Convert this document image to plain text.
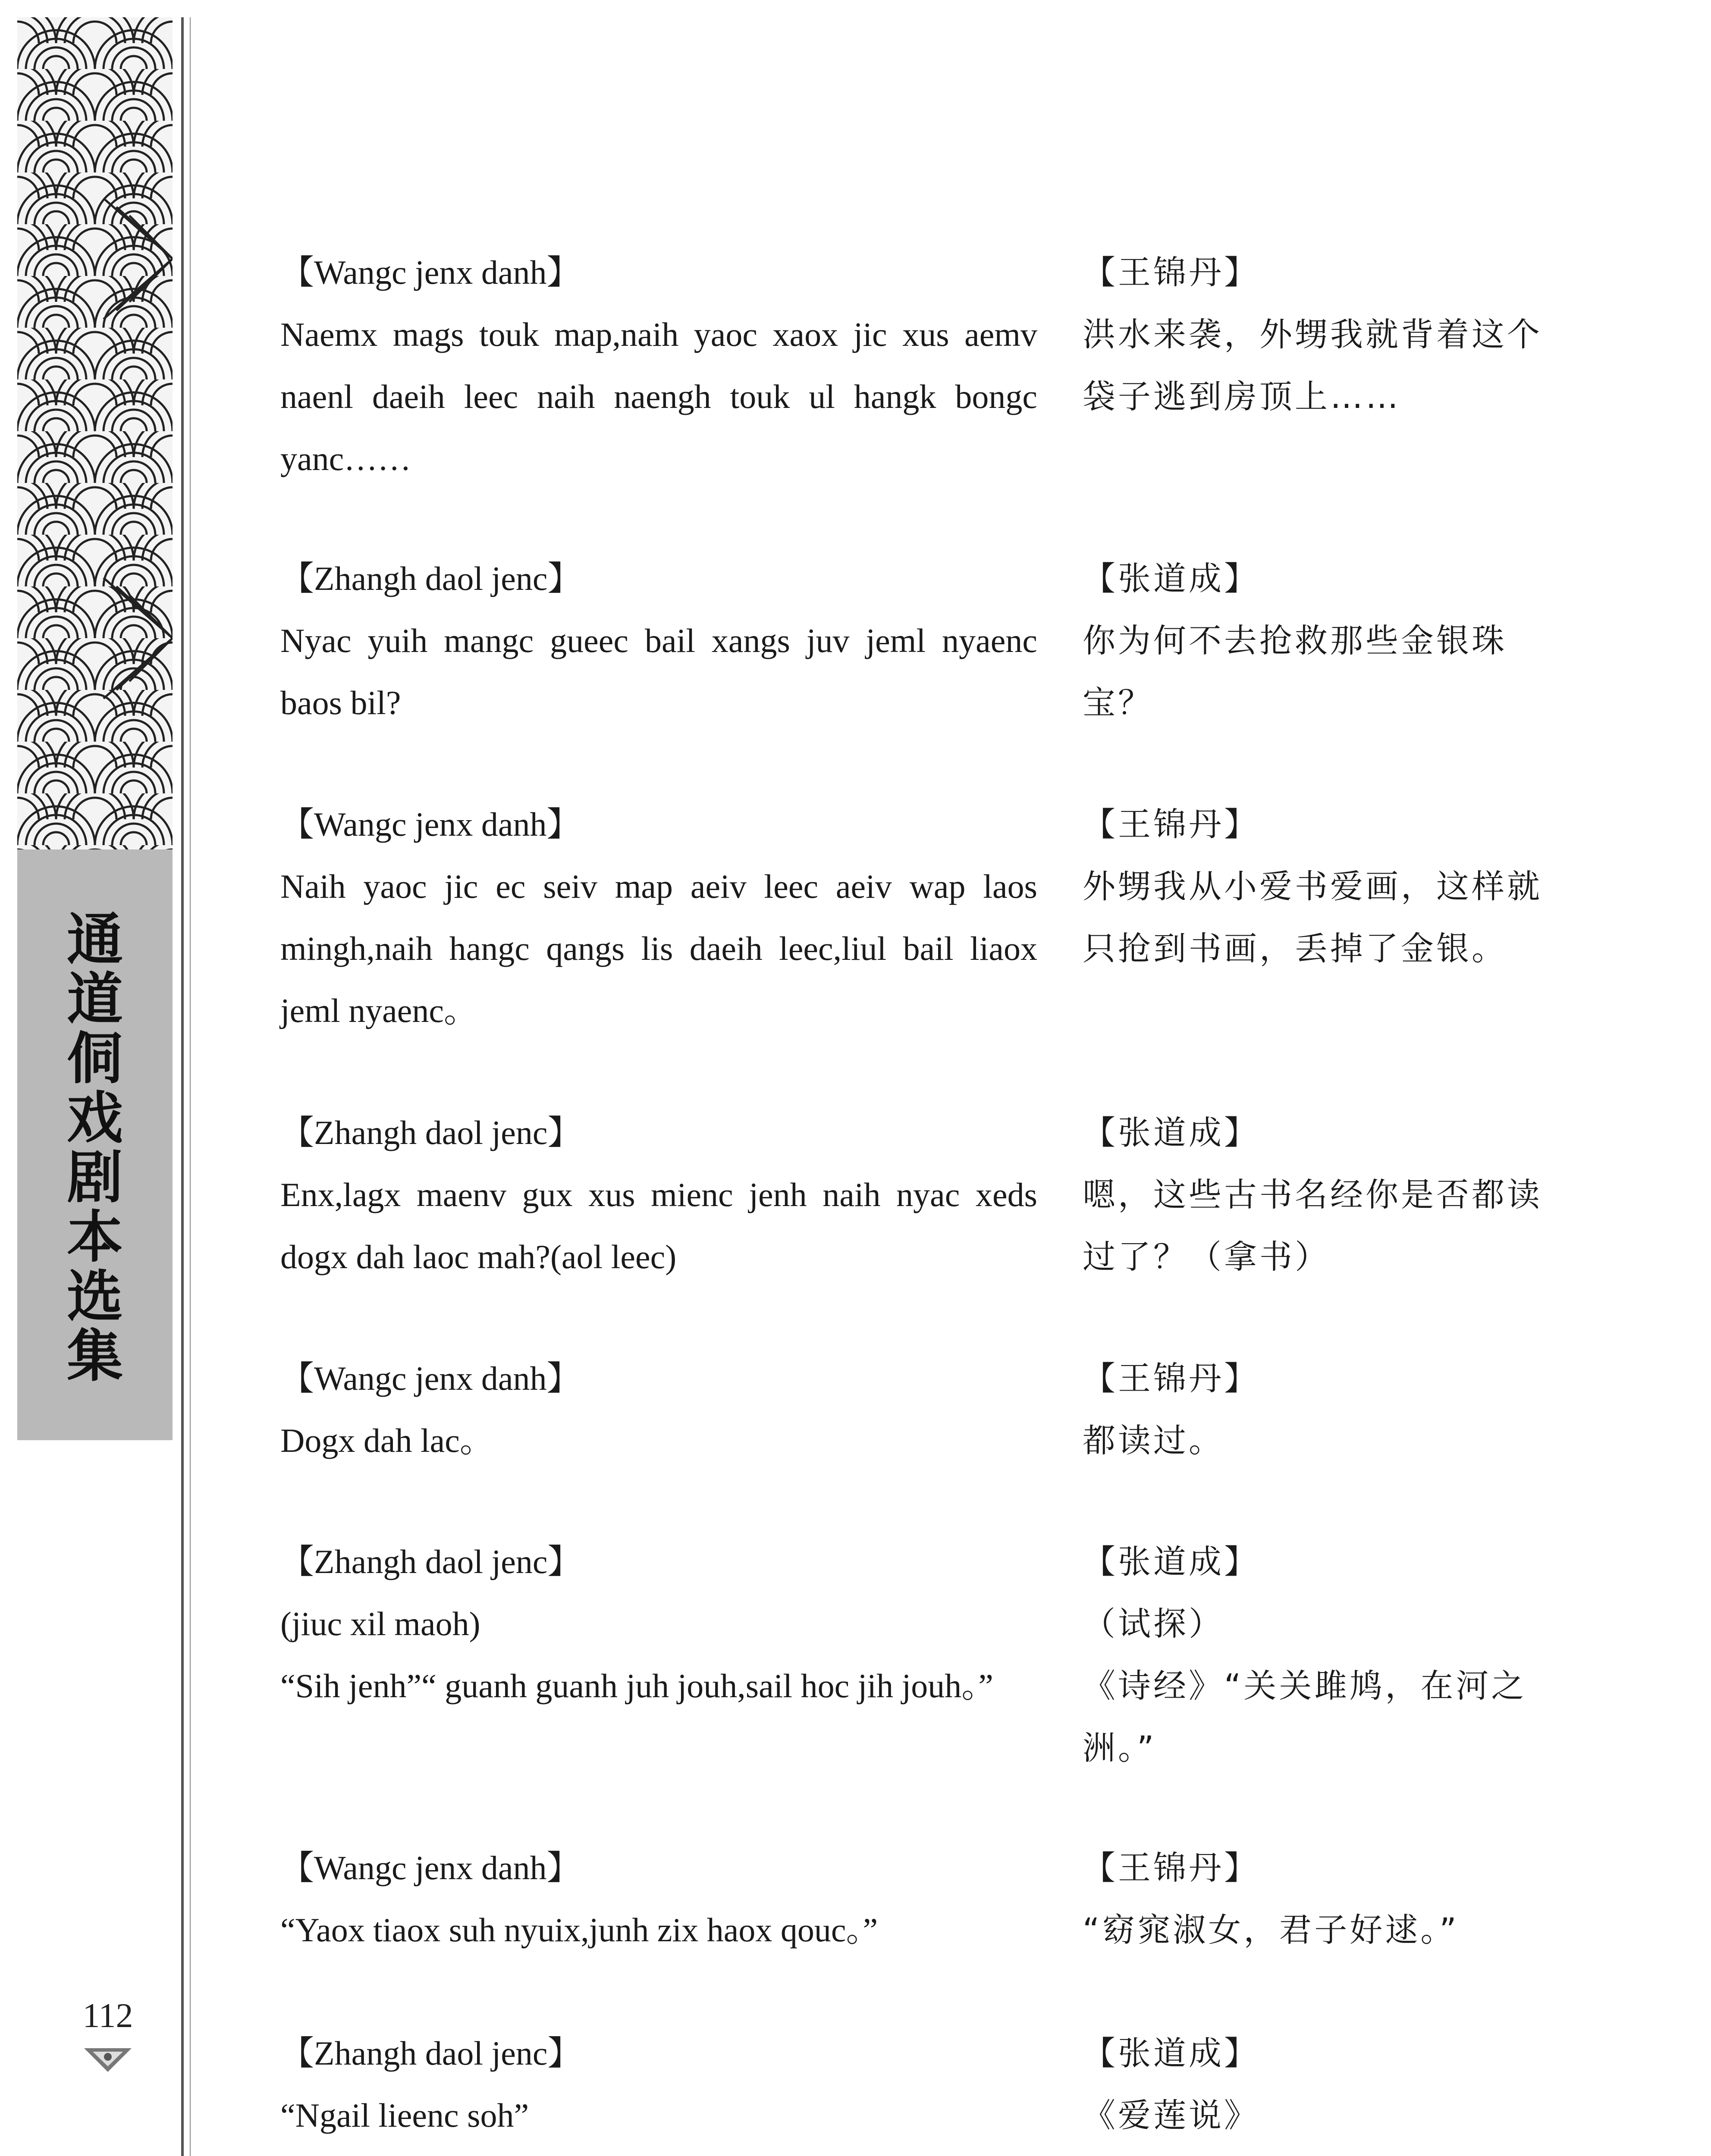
通
道
侗
戏
剧
本
选
集
112
【Wangc jenx danh】
Naemx mags touk map,naih yaoc xaox jic xus aemv naenl daeih leec naih naengh touk ul hangk bongc yanc……
【王锦丹】
洪水来袭，外甥我就背着这个袋子逃到房顶上……
【Zhangh daol jenc】
Nyac yuih mangc gueec bail xangs juv jeml nyaenc baos bil?
【张道成】
你为何不去抢救那些金银珠宝？
【Wangc jenx danh】
Naih yaoc jic ec seiv map aeiv leec aeiv wap laos mingh,naih hangc qangs lis daeih leec,liul bail liaox jeml nyaenc。
【王锦丹】
外甥我从小爱书爱画，这样就只抢到书画，丢掉了金银。
【Zhangh daol jenc】
Enx,lagx maenv gux xus mienc jenh naih nyac xeds dogx dah laoc mah?(aol leec)
【张道成】
嗯，这些古书名经你是否都读过了？（拿书）
【Wangc jenx danh】
Dogx dah lac。
【王锦丹】
都读过。
【Zhangh daol jenc】
(jiuc xil maoh)
“Sih jenh”“ guanh guanh juh jouh,sail hoc jih jouh。”
【张道成】
（试探）
《诗经》“关关雎鸠，在河之洲。”
【Wangc jenx danh】
“Yaox tiaox suh nyuix,junh zix haox qouc。”
【王锦丹】
“窈窕淑女，君子好逑。”
【Zhangh daol jenc】
“Ngail lieenc soh”
【张道成】
《爱莲说》
